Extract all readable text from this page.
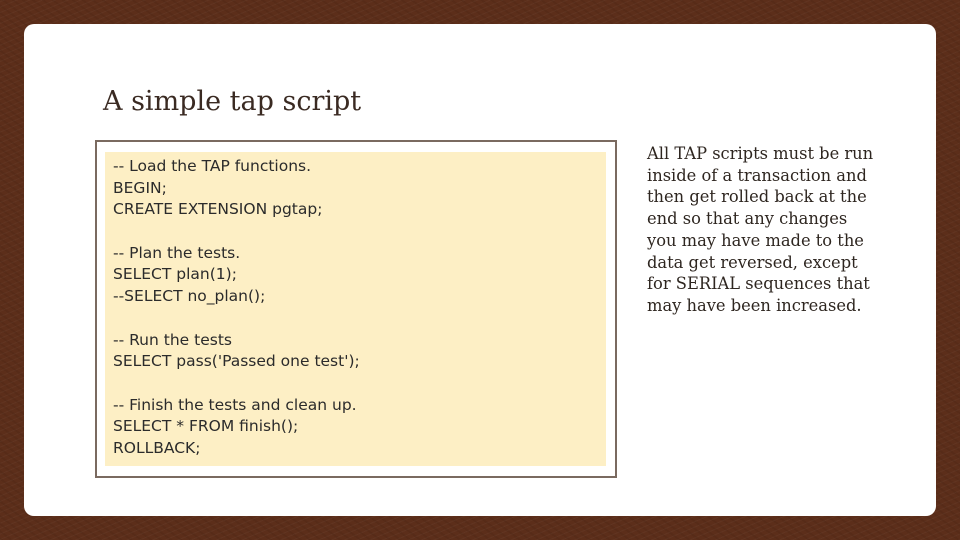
A simple tap script
-- Load the TAP functions.
BEGIN;
CREATE EXTENSION pgtap;
-- Plan the tests.
SELECT plan(1);
--SELECT no_plan();
-- Run the tests
SELECT pass('Passed one test');
-- Finish the tests and clean up.
SELECT * FROM finish();
ROLLBACK;
All TAP scripts must be run inside of a transaction and then get rolled back at the end so that any changes you may have made to the data get reversed, except for SERIAL sequences that may have been increased.
